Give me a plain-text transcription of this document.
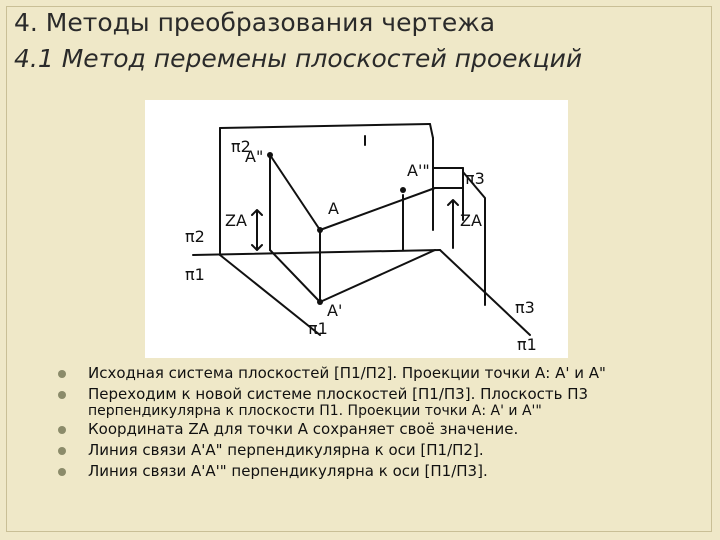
4. Методы преобразования чертежа
4.1 Метод перемены плоскостей проекций
π2
π2
π1
π1
π1
π3
π3
A"
A'"
A
A'
ZA	ZA
Исходная система плоскостей [П1/П2]. Проекции точки А: А' и А"
Переходим к новой системе плоскостей [П1/П3]. Плоскость П3
перпендикулярна к плоскости П1. Проекции точки А: А' и А'"
Координата ZA для точки А сохраняет своё значение.
Линия связи А'А" перпендикулярна к оси [П1/П2].
Линия связи А'А'" перпендикулярна к оси [П1/П3].
